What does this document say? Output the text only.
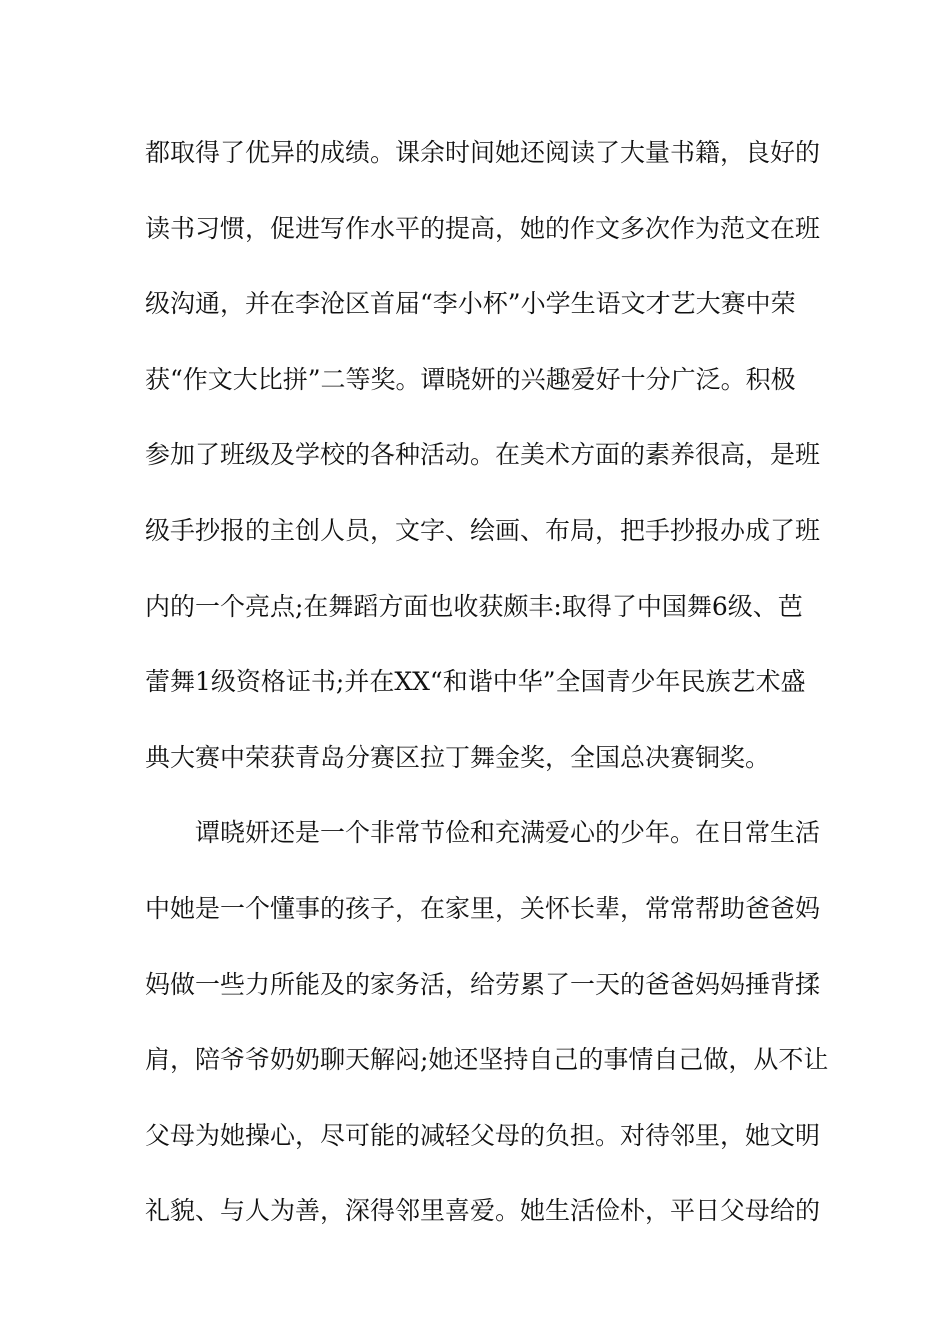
都取得了优异的成绩。课余时间她还阅读了大量书籍，良好的
读书习惯，促进写作水平的提高，她的作文多次作为范文在班
级沟通，并在李沧区首届“李小杯”小学生语文才艺大赛中荣
获“作文大比拼”二等奖。谭晓妍的兴趣爱好十分广泛。积极
参加了班级及学校的各种活动。在美术方面的素养很高，是班
级手抄报的主创人员，文字、绘画、布局，把手抄报办成了班
内的一个亮点;在舞蹈方面也收获颇丰:取得了中国舞6级、芭
蕾舞1级资格证书;并在XX“和谐中华”全国青少年民族艺术盛
典大赛中荣获青岛分赛区拉丁舞金奖，全国总决赛铜奖。
谭晓妍还是一个非常节俭和充满爱心的少年。在日常生活
中她是一个懂事的孩子，在家里，关怀长辈，常常帮助爸爸妈
妈做一些力所能及的家务活，给劳累了一天的爸爸妈妈捶背揉
肩，陪爷爷奶奶聊天解闷;她还坚持自己的事情自己做，从不让
父母为她操心，尽可能的减轻父母的负担。对待邻里，她文明
礼貌、与人为善，深得邻里喜爱。她生活俭朴，平日父母给的
